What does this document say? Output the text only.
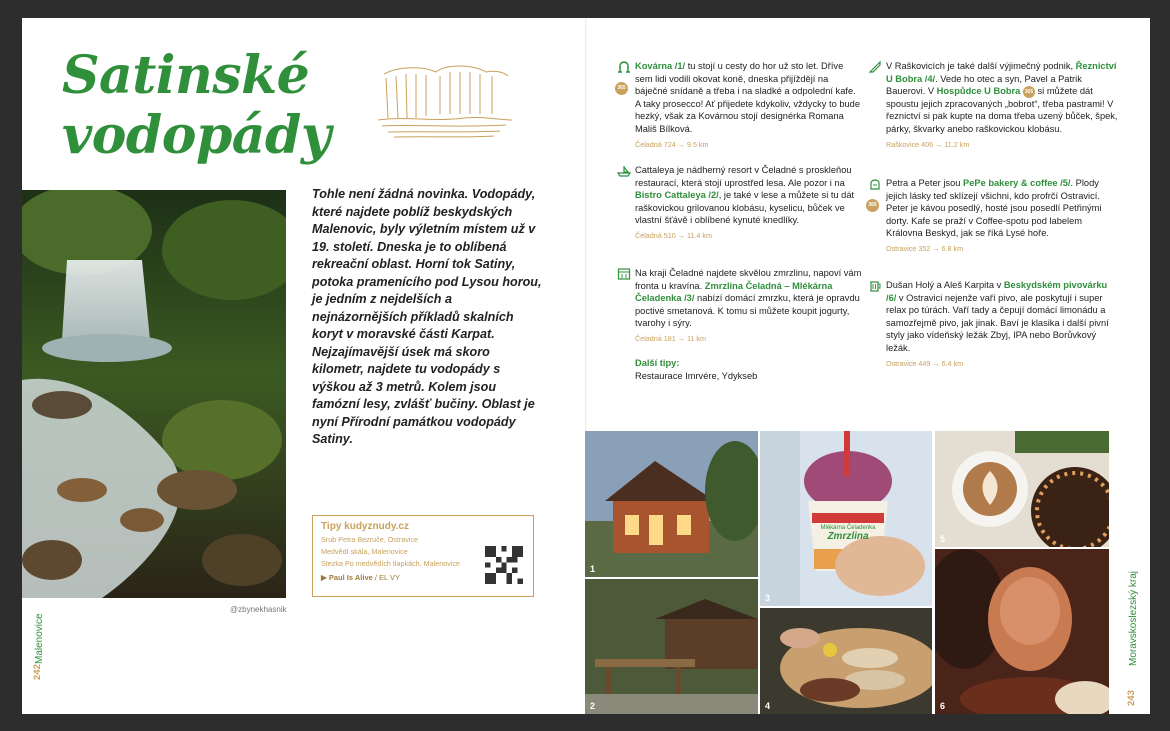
Satinské
vodopády
@zbynekhasnik

Tohle není žádná novinka. Vodopády, které najdete poblíž beskydských Malenovic, byly výletním místem už v 19. století. Dneska je to oblíbená rekreační oblast. Horní tok Satiny, potoka pramenícího pod Lysou horou, je jedním z nejdelších a nejnázornějších příkladů skalních koryt v moravské části Karpat. Nejzajímavější úsek má skoro kilometr, najdete tu vodopády s výškou až 3 metrů. Kolem jsou famózní lesy, zvlášť bučiny. Oblast je nyní Přírodní památkou vodopády Satiny.

Tipy kudyznudy.cz
Srub Petra Bezruče, Ostravice
Medvědí skála, Malenovice
Stezka Po medvědích tlapkách, Malenovice
▶ Paul Is Alive / EL VY
Malenovice
242
365
Kovárna /1/ tu stojí u cesty do hor už sto let. Dříve sem lidi vodili okovat koně, dneska přijíždějí na báječné snídaně a třeba i na sladké a odpolední kafe. A taky prosecco! Ať přijedete kdykoliv, vždycky to bude hezký, však za Kovárnou stojí designérka Romana Mališ Bílková.
Čeladná 724 → 9.5 km
Cattaleya je nádherný resort v Čeladné s proskleňou restaurací, která stojí uprostřed lesa. Ale pozor i na Bistro Cattaleya /2/, je také v lese a můžete si tu dát raškovickou grilovanou klobásu, kyselicu, bůček ve vlastní šťávě i oblíbené kynuté knedlíky.
Čeladná 510 → 11.4 km
Na kraji Čeladné najdete skvělou zmrzlinu, napoví vám fronta u kravína. Zmrzlina Čeladná – Mlékárna Čeladenka /3/ nabízí domácí zmrzku, která je opravdu poctivé smetanová. K tomu si můžete koupit jogurty, tvarohy i sýry.
Čeladná 181 → 11 km
Další tipy:
Restaurace Imrvére, Ydykseb
V Raškovicích je také další výjimečný podnik, Řeznictví U Bobra /4/. Vede ho otec a syn, Pavel a Patrik Bauerovi. V Hospůdce U Bobra 365 si můžete dát spoustu jejich zpracovaných „bobrot“, třeba pastrami! V řeznictví si pak kupte na doma třeba uzený bůček, špek, párky, škvarky anebo raškovickou klobásu.
Raškovice 406 → 11.2 km
365
Petra a Peter jsou PePe bakery & coffee /5/. Plody jejich lásky teď sklízejí všichni, kdo profrčí Ostravicí. Peter je kávou posedlý, hosté jsou posedlí Petřinými dorty. Kafe se praží v Coffee-spotu pod labelem Královna Beskyd, jak se říká Lysé hoře.
Ostravice 352 → 6.8 km
Dušan Holý a Aleš Karpita v Beskydském pivovárku /6/ v Ostravici nejenže vaří pivo, ale poskytují i super relax po túrách. Vaří tady a čepují domácí limonádu a samozřejmě pivo, jak jinak. Baví je klasika i další pivní styly jako vídeňský ležák Zbyj, IPA nebo Borůvkový ležák.
Ostravice 449 → 6.4 km
1
2
Mlékárna Čeladenka
Zmrzlina
3
4
5
6
Moravskoslezský kraj
243
